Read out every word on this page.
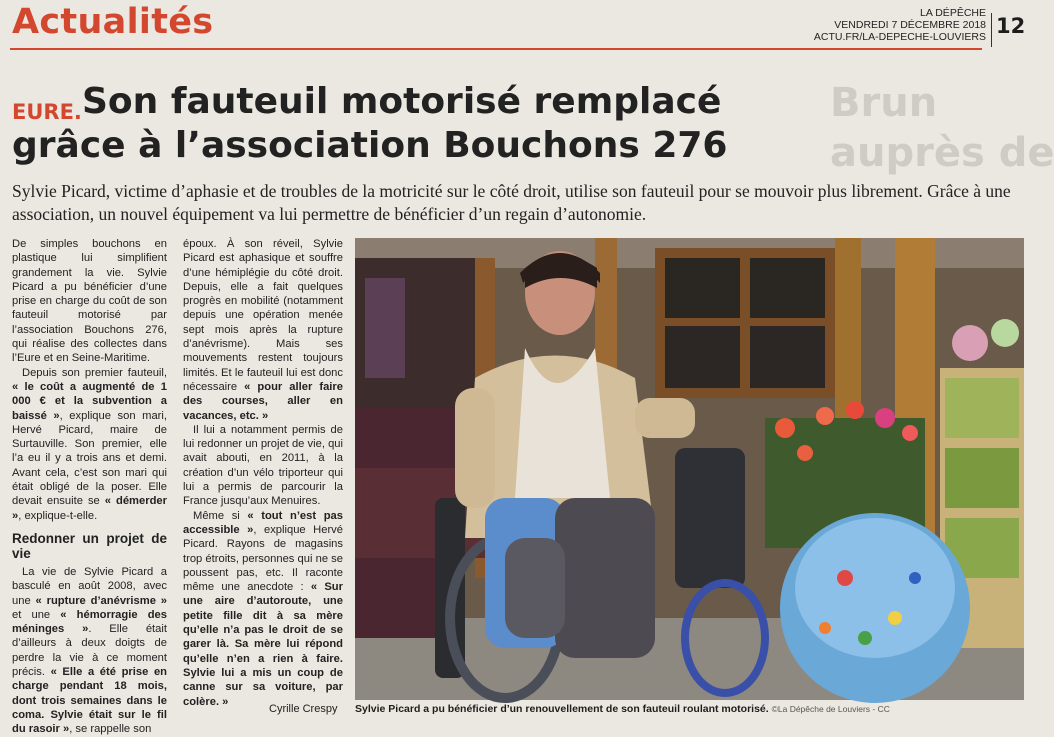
Actualités	LA DÉPÊCHE
VENDREDI 7 DÉCEMBRE 2018
ACTU.FR/LA-DEPECHE-LOUVIERS 12
Brun
auprès de
EURE. Son fauteuil motorisé remplacé
grâce à l’association Bouchons 276
Sylvie Picard, victime d’aphasie et de troubles de la motricité sur le côté droit, utilise son fauteuil pour se mouvoir plus librement. Grâce à une association, un nouvel équipement va lui permettre de bénéficier d’un regain d’autonomie.

De simples bouchons en plastique lui simplifient grandement la vie. Sylvie Picard a pu bénéficier d’une prise en charge du coût de son fauteuil motorisé par l’association Bouchons 276, qui réalise des collectes dans l’Eure et en Seine-Maritime.

Depuis son premier fauteuil, « le coût a augmenté de 1 000 € et la subvention a baissé », explique son mari, Hervé Picard, maire de Surtauville. Son premier, elle l’a eu il y a trois ans et demi. Avant cela, c’est son mari qui était obligé de la poser. Elle devait ensuite se « démerder », explique-t-elle.

Redonner un projet de vie

La vie de Sylvie Picard a basculé en août 2008, avec une « rupture d’anévrisme » et une « hémorragie des méninges ». Elle était d’ailleurs à deux doigts de perdre la vie à ce moment précis. « Elle a été prise en charge pendant 18 mois, dont trois semaines dans le coma. Sylvie était sur le fil du rasoir », se rappelle son

époux. À son réveil, Sylvie Picard est aphasique et souffre d’une hémiplégie du côté droit. Depuis, elle a fait quelques progrès en mobilité (notamment depuis une opération menée sept mois après la rupture d’anévrisme). Mais ses mouvements restent toujours limités. Et le fauteuil lui est donc nécessaire « pour aller faire des courses, aller en vacances, etc. »

Il lui a notamment permis de lui redonner un projet de vie, qui avait abouti, en 2011, à la création d’un vélo triporteur qui lui a permis de parcourir la France jusqu’aux Menuires.

Même si « tout n’est pas accessible », explique Hervé Picard. Rayons de magasins trop étroits, personnes qui ne se poussent pas, etc. Il raconte même une anecdote : « Sur une aire d’autoroute, une petite fille dit à sa mère qu’elle n’a pas le droit de se garer là. Sa mère lui répond qu’elle n’en a rien à faire. Sylvie lui a mis un coup de canne sur sa voiture, par colère. »

Cyrille Crespy Sylvie Picard a pu bénéficier d’un renouvellement de son fauteuil roulant motorisé. ©La Dépêche de Louviers - CC
